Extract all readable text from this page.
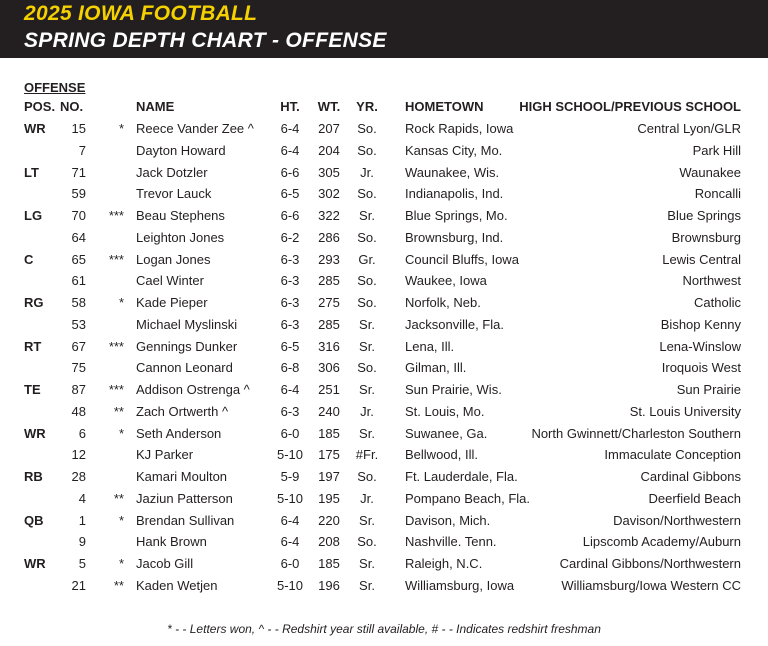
2025 IOWA FOOTBALL
SPRING DEPTH CHART - OFFENSE
OFFENSE
POS. NO.	NAME	HT.	WT.	YR.	HOMETOWN	HIGH SCHOOL/PREVIOUS SCHOOL
WR	15	* Reece Vander Zee ^	6-4	207	So.	Rock Rapids, Iowa	Central Lyon/GLR
7	Dayton Howard	6-4	204	So.	Kansas City, Mo.	Park Hill
LT	71	Jack Dotzler	6-6	305	Jr.	Waunakee, Wis.	Waunakee
59	Trevor Lauck	6-5	302	So.	Indianapolis, Ind.	Roncalli
LG	70	*** Beau Stephens	6-6	322	Sr.	Blue Springs, Mo.	Blue Springs
64	Leighton Jones	6-2	286	So.	Brownsburg, Ind.	Brownsburg
C	65	*** Logan Jones	6-3	293	Gr.	Council Bluffs, Iowa	Lewis Central
61	Cael Winter	6-3	285	So.	Waukee, Iowa	Northwest
RG	58	* Kade Pieper	6-3	275	So.	Norfolk, Neb.	Catholic
53	Michael Myslinski	6-3	285	Sr.	Jacksonville, Fla.	Bishop Kenny
RT	67	*** Gennings Dunker	6-5	316	Sr.	Lena, Ill.	Lena-Winslow
75	Cannon Leonard	6-8	306	So.	Gilman, Ill.	Iroquois West
TE	87	*** Addison Ostrenga ^	6-4	251	Sr.	Sun Prairie, Wis.	Sun Prairie
48	** Zach Ortwerth ^	6-3	240	Jr.	St. Louis, Mo.	St. Louis University
WR	6	* Seth Anderson	6-0	185	Sr.	Suwanee, Ga.	North Gwinnett/Charleston Southern
12	KJ Parker	5-10	175	#Fr.	Bellwood, Ill.	Immaculate Conception
RB	28	Kamari Moulton	5-9	197	So.	Ft. Lauderdale, Fla.	Cardinal Gibbons
4	** Jaziun Patterson	5-10	195	Jr.	Pompano Beach, Fla.	Deerfield Beach
QB	1	* Brendan Sullivan	6-4	220	Sr.	Davison, Mich.	Davison/Northwestern
9	Hank Brown	6-4	208	So.	Nashville. Tenn.	Lipscomb Academy/Auburn
WR	5	* Jacob Gill	6-0	185	Sr.	Raleigh, N.C.	Cardinal Gibbons/Northwestern
21	** Kaden Wetjen	5-10	196	Sr.	Williamsburg, Iowa	Williamsburg/Iowa Western CC
* - - Letters won, ^ - - Redshirt year still available, # - - Indicates redshirt freshman
